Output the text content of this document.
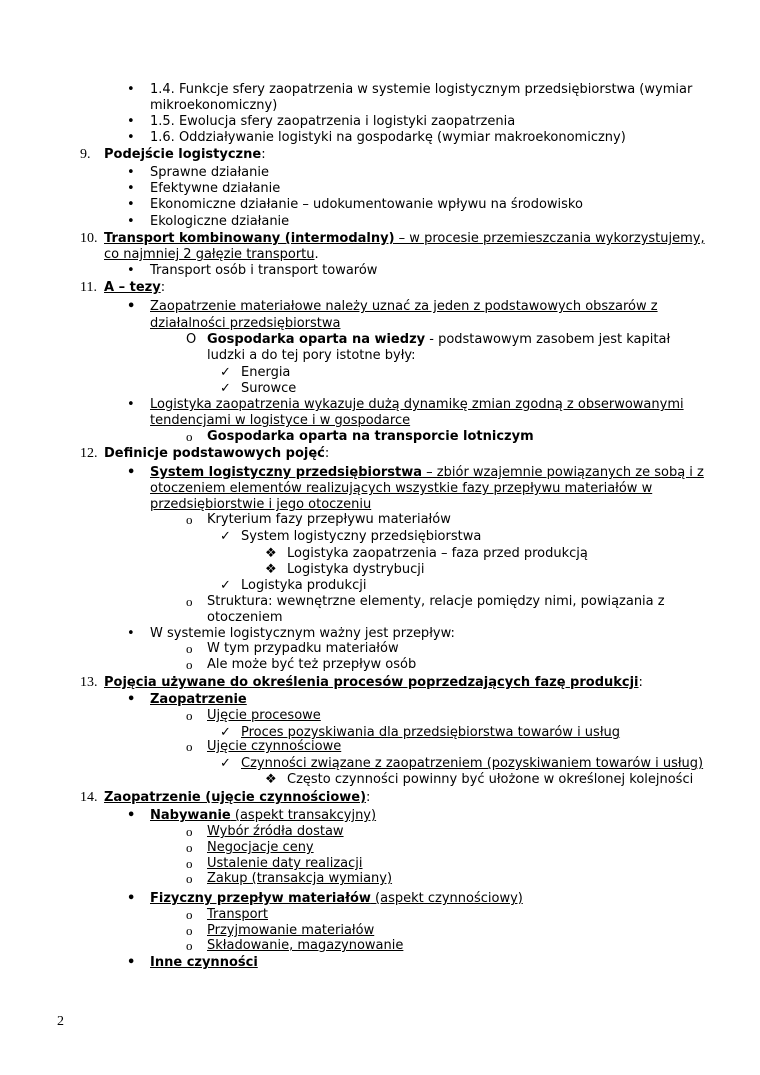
•
1.4. Funkcje sfery zaopatrzenia w systemie logistycznym przedsiębiorstwa (wymiar
mikroekonomiczny)
•
1.5. Ewolucja sfery zaopatrzenia i logistyki zaopatrzenia
•
1.6. Oddziaływanie logistyki na gospodarkę (wymiar makroekonomiczny)
9. Podejście logistyczne:
•
Sprawne działanie
•
Efektywne działanie
•
Ekonomiczne działanie – udokumentowanie wpływu na środowisko
•
Ekologiczne działanie
10. Transport kombinowany (intermodalny) – w procesie przemieszczania wykorzystujemy,
co najmniej 2 gałęzie transportu.
•
Transport osób i transport towarów
11. A – tezy:
•
Zaopatrzenie materiałowe należy uznać za jeden z podstawowych obszarów z
działalności przedsiębiorstwa
O Gospodarka oparta na wiedzy - podstawowym zasobem jest kapitał
ludzki a do tej pory istotne były:
✓ Energia
✓ Surowce
•
Logistyka zaopatrzenia wykazuje dużą dynamikę zmian zgodną z obserwowanymi
tendencjami w logistyce i w gospodarce
o Gospodarka oparta na transporcie lotniczym
12. Definicje podstawowych pojęć:
•
System logistyczny przedsiębiorstwa – zbiór wzajemnie powiązanych ze sobą i z
otoczeniem elementów realizujących wszystkie fazy przepływu materiałów w
przedsiębiorstwie i jego otoczeniu
o Kryterium fazy przepływu materiałów
✓ System logistyczny przedsiębiorstwa
❖ Logistyka zaopatrzenia – faza przed produkcją
❖ Logistyka dystrybucji
✓ Logistyka produkcji
o Struktura: wewnętrzne elementy, relacje pomiędzy nimi, powiązania z
otoczeniem
•
W systemie logistycznym ważny jest przepływ:
o W tym przypadku materiałów
o Ale może być też przepływ osób
13. Pojęcia używane do określenia procesów poprzedzających fazę produkcji:
•
Zaopatrzenie
o Ujęcie procesowe
✓ Proces pozyskiwania dla przedsiębiorstwa towarów i usług
o Ujęcie czynnościowe
✓ Czynności związane z zaopatrzeniem (pozyskiwaniem towarów i usług)
❖ Często czynności powinny być ułożone w określonej kolejności
14. Zaopatrzenie (ujęcie czynnościowe):
•
Nabywanie (aspekt transakcyjny)
o Wybór źródła dostaw
o Negocjacje ceny
o Ustalenie daty realizacji
o Zakup (transakcja wymiany)
•
Fizyczny przepływ materiałów (aspekt czynnościowy)
o Transport
o Przyjmowanie materiałów
o Składowanie, magazynowanie
•
Inne czynności
2
